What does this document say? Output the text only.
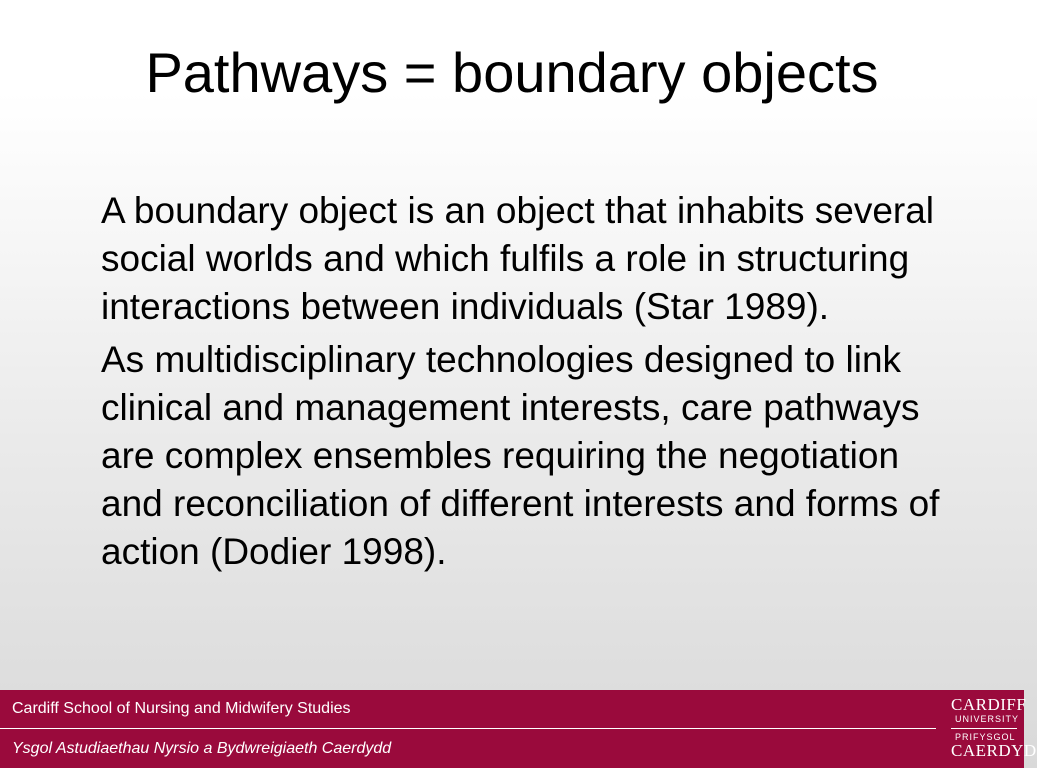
Pathways = boundary objects

A boundary object is an object that inhabits several social worlds and which fulfils a role in structuring interactions between individuals (Star 1989).

As multidisciplinary technologies designed to link clinical and management interests, care pathways are complex ensembles requiring the negotiation and reconciliation of different interests and forms of action (Dodier 1998).

Cardiff School of Nursing and Midwifery Studies
Ysgol Astudiaethau Nyrsio a Bydwreigiaeth Caerdydd
CARDIFF
UNIVERSITY
PRIFYSGOL
CAERDYD
